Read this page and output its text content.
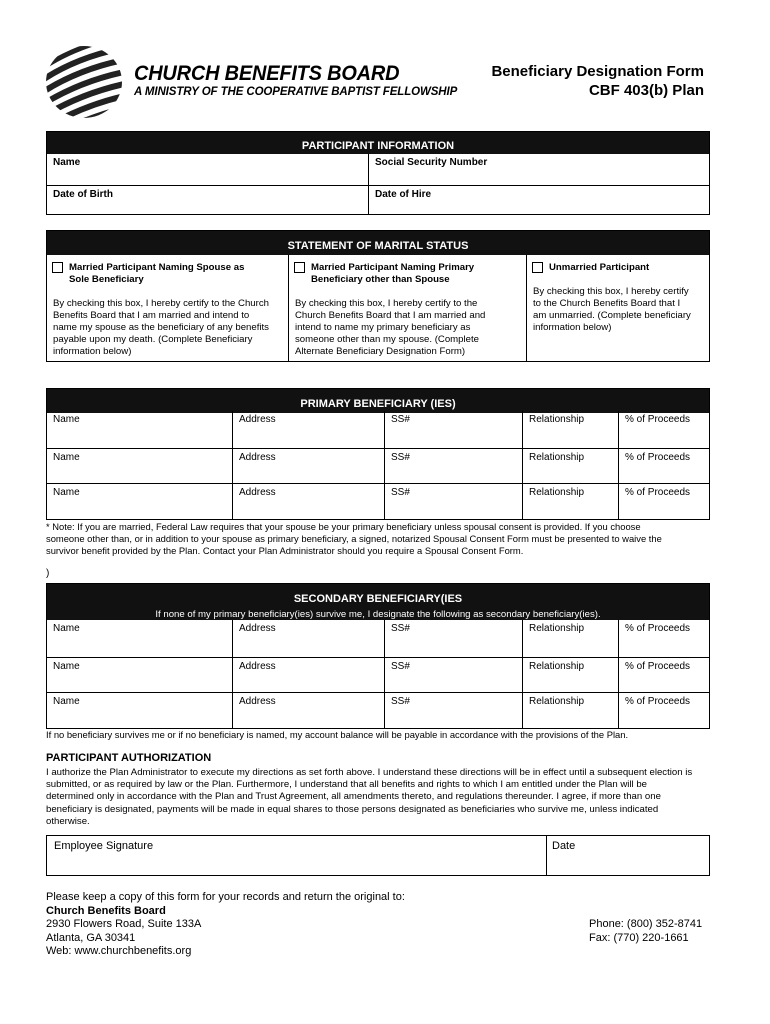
CHURCH BENEFITS BOARD
A MINISTRY OF THE COOPERATIVE BAPTIST FELLOWSHIP
Beneficiary Designation Form
CBF 403(b) Plan
PARTICIPANT INFORMATION
Name	Social Security Number
Date of Birth	Date of Hire
STATEMENT OF MARITAL STATUS
Married Participant Naming Spouse as
Sole Beneficiary
By checking this box, I hereby certify to the Church
Benefits Board that I am married and intend to
name my spouse as the beneficiary of any benefits
payable upon my death. (Complete Beneficiary
information below)
Married Participant Naming Primary
Beneficiary other than Spouse
By checking this box, I hereby certify to the
Church Benefits Board that I am married and
intend to name my primary beneficiary as
someone other than my spouse. (Complete
Alternate Beneficiary Designation Form)
Unmarried Participant
By checking this box, I hereby certify
to the Church Benefits Board that I
am unmarried. (Complete beneficiary
information below)
PRIMARY BENEFICIARY (IES)
Name	Address	SS#	Relationship	% of Proceeds
Name	Address	SS#	Relationship	% of Proceeds
Name	Address	SS#	Relationship	% of Proceeds
* Note: If you are married, Federal Law requires that your spouse be your primary beneficiary unless spousal consent is provided. If you choose
someone other than, or in addition to your spouse as primary beneficiary, a signed, notarized Spousal Consent Form must be presented to waive the
survivor benefit provided by the Plan. Contact your Plan Administrator should you require a Spousal Consent Form.
)
SECONDARY BENEFICIARY(IES
If none of my primary beneficiary(ies) survive me, I designate the following as secondary beneficiary(ies).
Name	Address	SS#	Relationship	% of Proceeds
Name	Address	SS#	Relationship	% of Proceeds
Name	Address	SS#	Relationship	% of Proceeds
If no beneficiary survives me or if no beneficiary is named, my account balance will be payable in accordance with the provisions of the Plan.
PARTICIPANT AUTHORIZATION
I authorize the Plan Administrator to execute my directions as set forth above. I understand these directions will be in effect until a subsequent election is
submitted, or as required by law or the Plan. Furthermore, I understand that all benefits and rights to which I am entitled under the Plan will be
determined only in accordance with the Plan and Trust Agreement, all amendments thereto, and regulations thereunder. I agree, if more than one
beneficiary is designated, payments will be made in equal shares to those persons designated as beneficiaries who survive me, unless indicated
otherwise.
Employee Signature	Date
Please keep a copy of this form for your records and return the original to:
Church Benefits Board
2930 Flowers Road, Suite 133A
Atlanta, GA 30341
Web: www.churchbenefits.org
Phone: (800) 352-8741
Fax: (770) 220-1661
